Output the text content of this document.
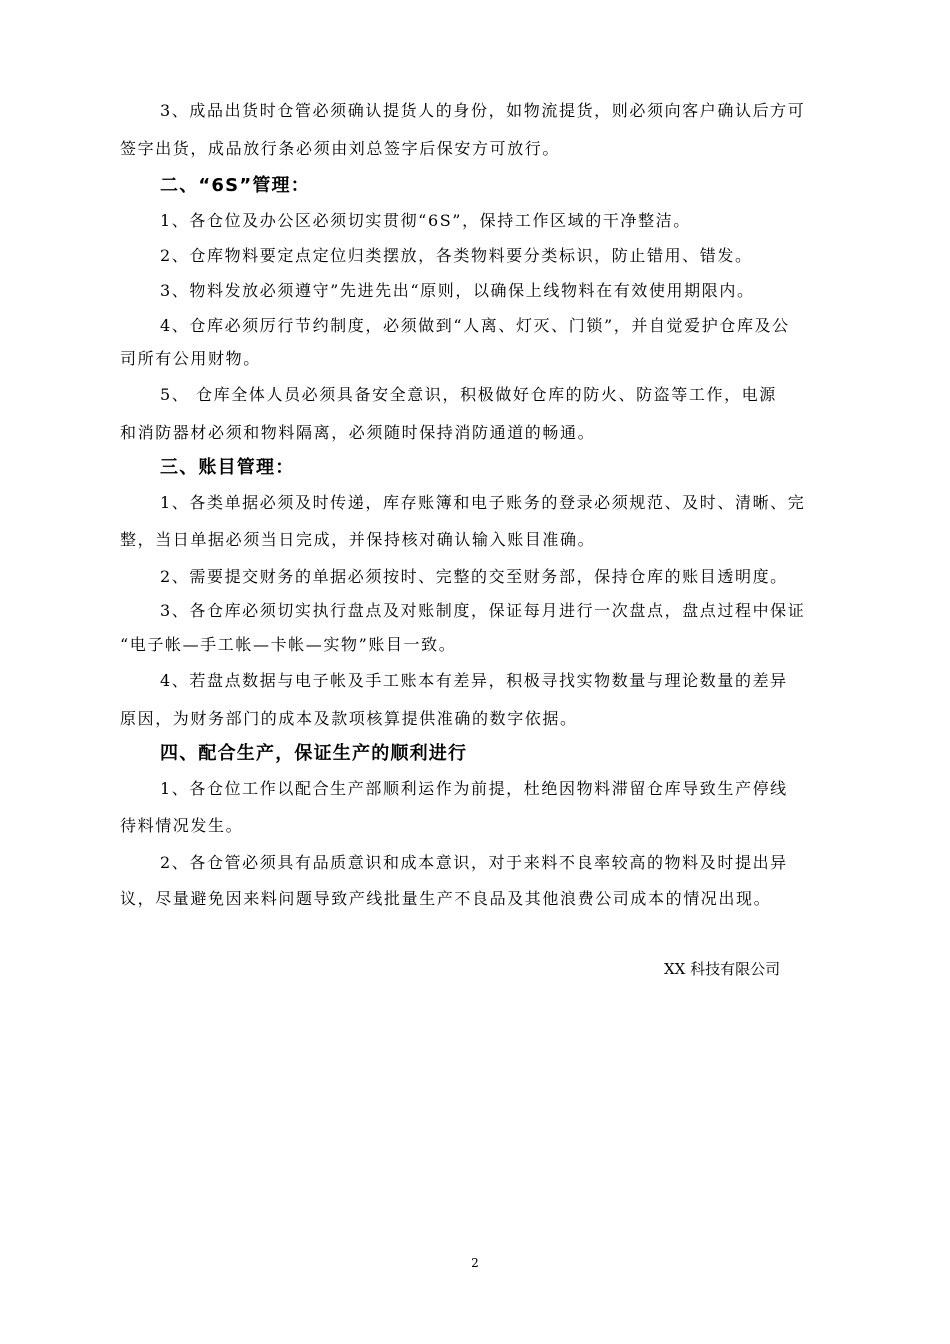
3、成品出货时仓管必须确认提货人的身份，如物流提货，则必须向客户确认后方可
签字出货，成品放行条必须由刘总签字后保安方可放行。
二、“6S”管理：
1、各仓位及办公区必须切实贯彻“6S”，保持工作区域的干净整洁。
2、仓库物料要定点定位归类摆放，各类物料要分类标识，防止错用、错发。
3、物料发放必须遵守”先进先出“原则，以确保上线物料在有效使用期限内。
4、仓库必须厉行节约制度，必须做到“人离、灯灭、门锁”，并自觉爱护仓库及公
司所有公用财物。
5、 仓库全体人员必须具备安全意识，积极做好仓库的防火、防盗等工作，电源
和消防器材必须和物料隔离，必须随时保持消防通道的畅通。
三、账目管理：
1、各类单据必须及时传递，库存账簿和电子账务的登录必须规范、及时、清晰、完
整，当日单据必须当日完成，并保持核对确认输入账目准确。
2、需要提交财务的单据必须按时、完整的交至财务部，保持仓库的账目透明度。
3、各仓库必须切实执行盘点及对账制度，保证每月进行一次盘点，盘点过程中保证
“电子帐—手工帐—卡帐—实物”账目一致。
4、若盘点数据与电子帐及手工账本有差异，积极寻找实物数量与理论数量的差异
原因，为财务部门的成本及款项核算提供准确的数字依据。
四、配合生产，保证生产的顺利进行
1、各仓位工作以配合生产部顺利运作为前提，杜绝因物料滞留仓库导致生产停线
待料情况发生。
2、各仓管必须具有品质意识和成本意识，对于来料不良率较高的物料及时提出异
议，尽量避免因来料问题导致产线批量生产不良品及其他浪费公司成本的情况出现。
XX 科技有限公司
2
